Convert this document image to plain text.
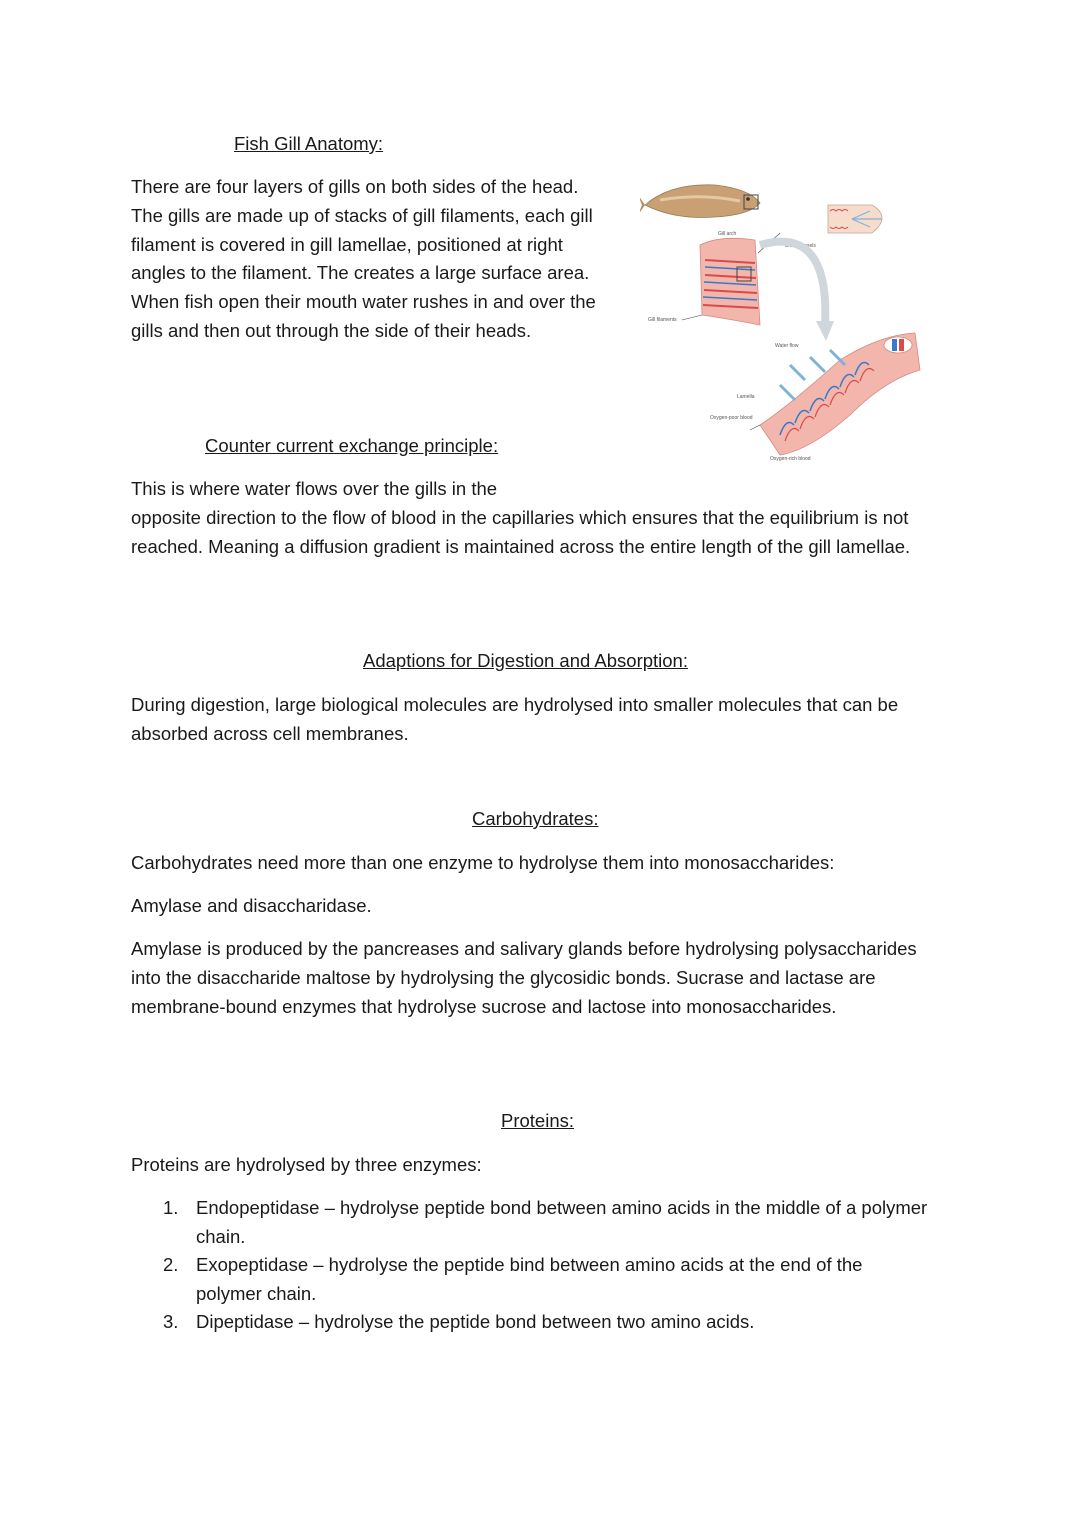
Fish Gill Anatomy:

There are four layers of gills on both sides of the head. The gills are made up of stacks of gill filaments, each gill filament is covered in gill lamellae, positioned at right angles to the filament. The creates a large surface area. When fish open their mouth water rushes in and over the gills and then out through the side of their heads.

Gill arch
Blood vessels
Gill filaments
Water flow
Lamella
Oxygen-poor blood
Oxygen-rich blood
Counter current exchange principle:

This is where water flows over the gills in the
opposite direction to the flow of blood in the capillaries which ensures that the equilibrium is not reached. Meaning a diffusion gradient is maintained across the entire length of the gill lamellae.

Adaptions for Digestion and Absorption:

During digestion, large biological molecules are hydrolysed into smaller molecules that can be absorbed across cell membranes.

Carbohydrates:

Carbohydrates need more than one enzyme to hydrolyse them into monosaccharides:

Amylase and disaccharidase.

Amylase is produced by the pancreases and salivary glands before hydrolysing polysaccharides into the disaccharide maltose by hydrolysing the glycosidic bonds. Sucrase and lactase are membrane-bound enzymes that hydrolyse sucrose and lactose into monosaccharides.

Proteins:

Proteins are hydrolysed by three enzymes:

1. Endopeptidase – hydrolyse peptide bond between amino acids in the middle of a polymer chain.
2. Exopeptidase – hydrolyse the peptide bind between amino acids at the end of the polymer chain.
3. Dipeptidase – hydrolyse the peptide bond between two amino acids.
